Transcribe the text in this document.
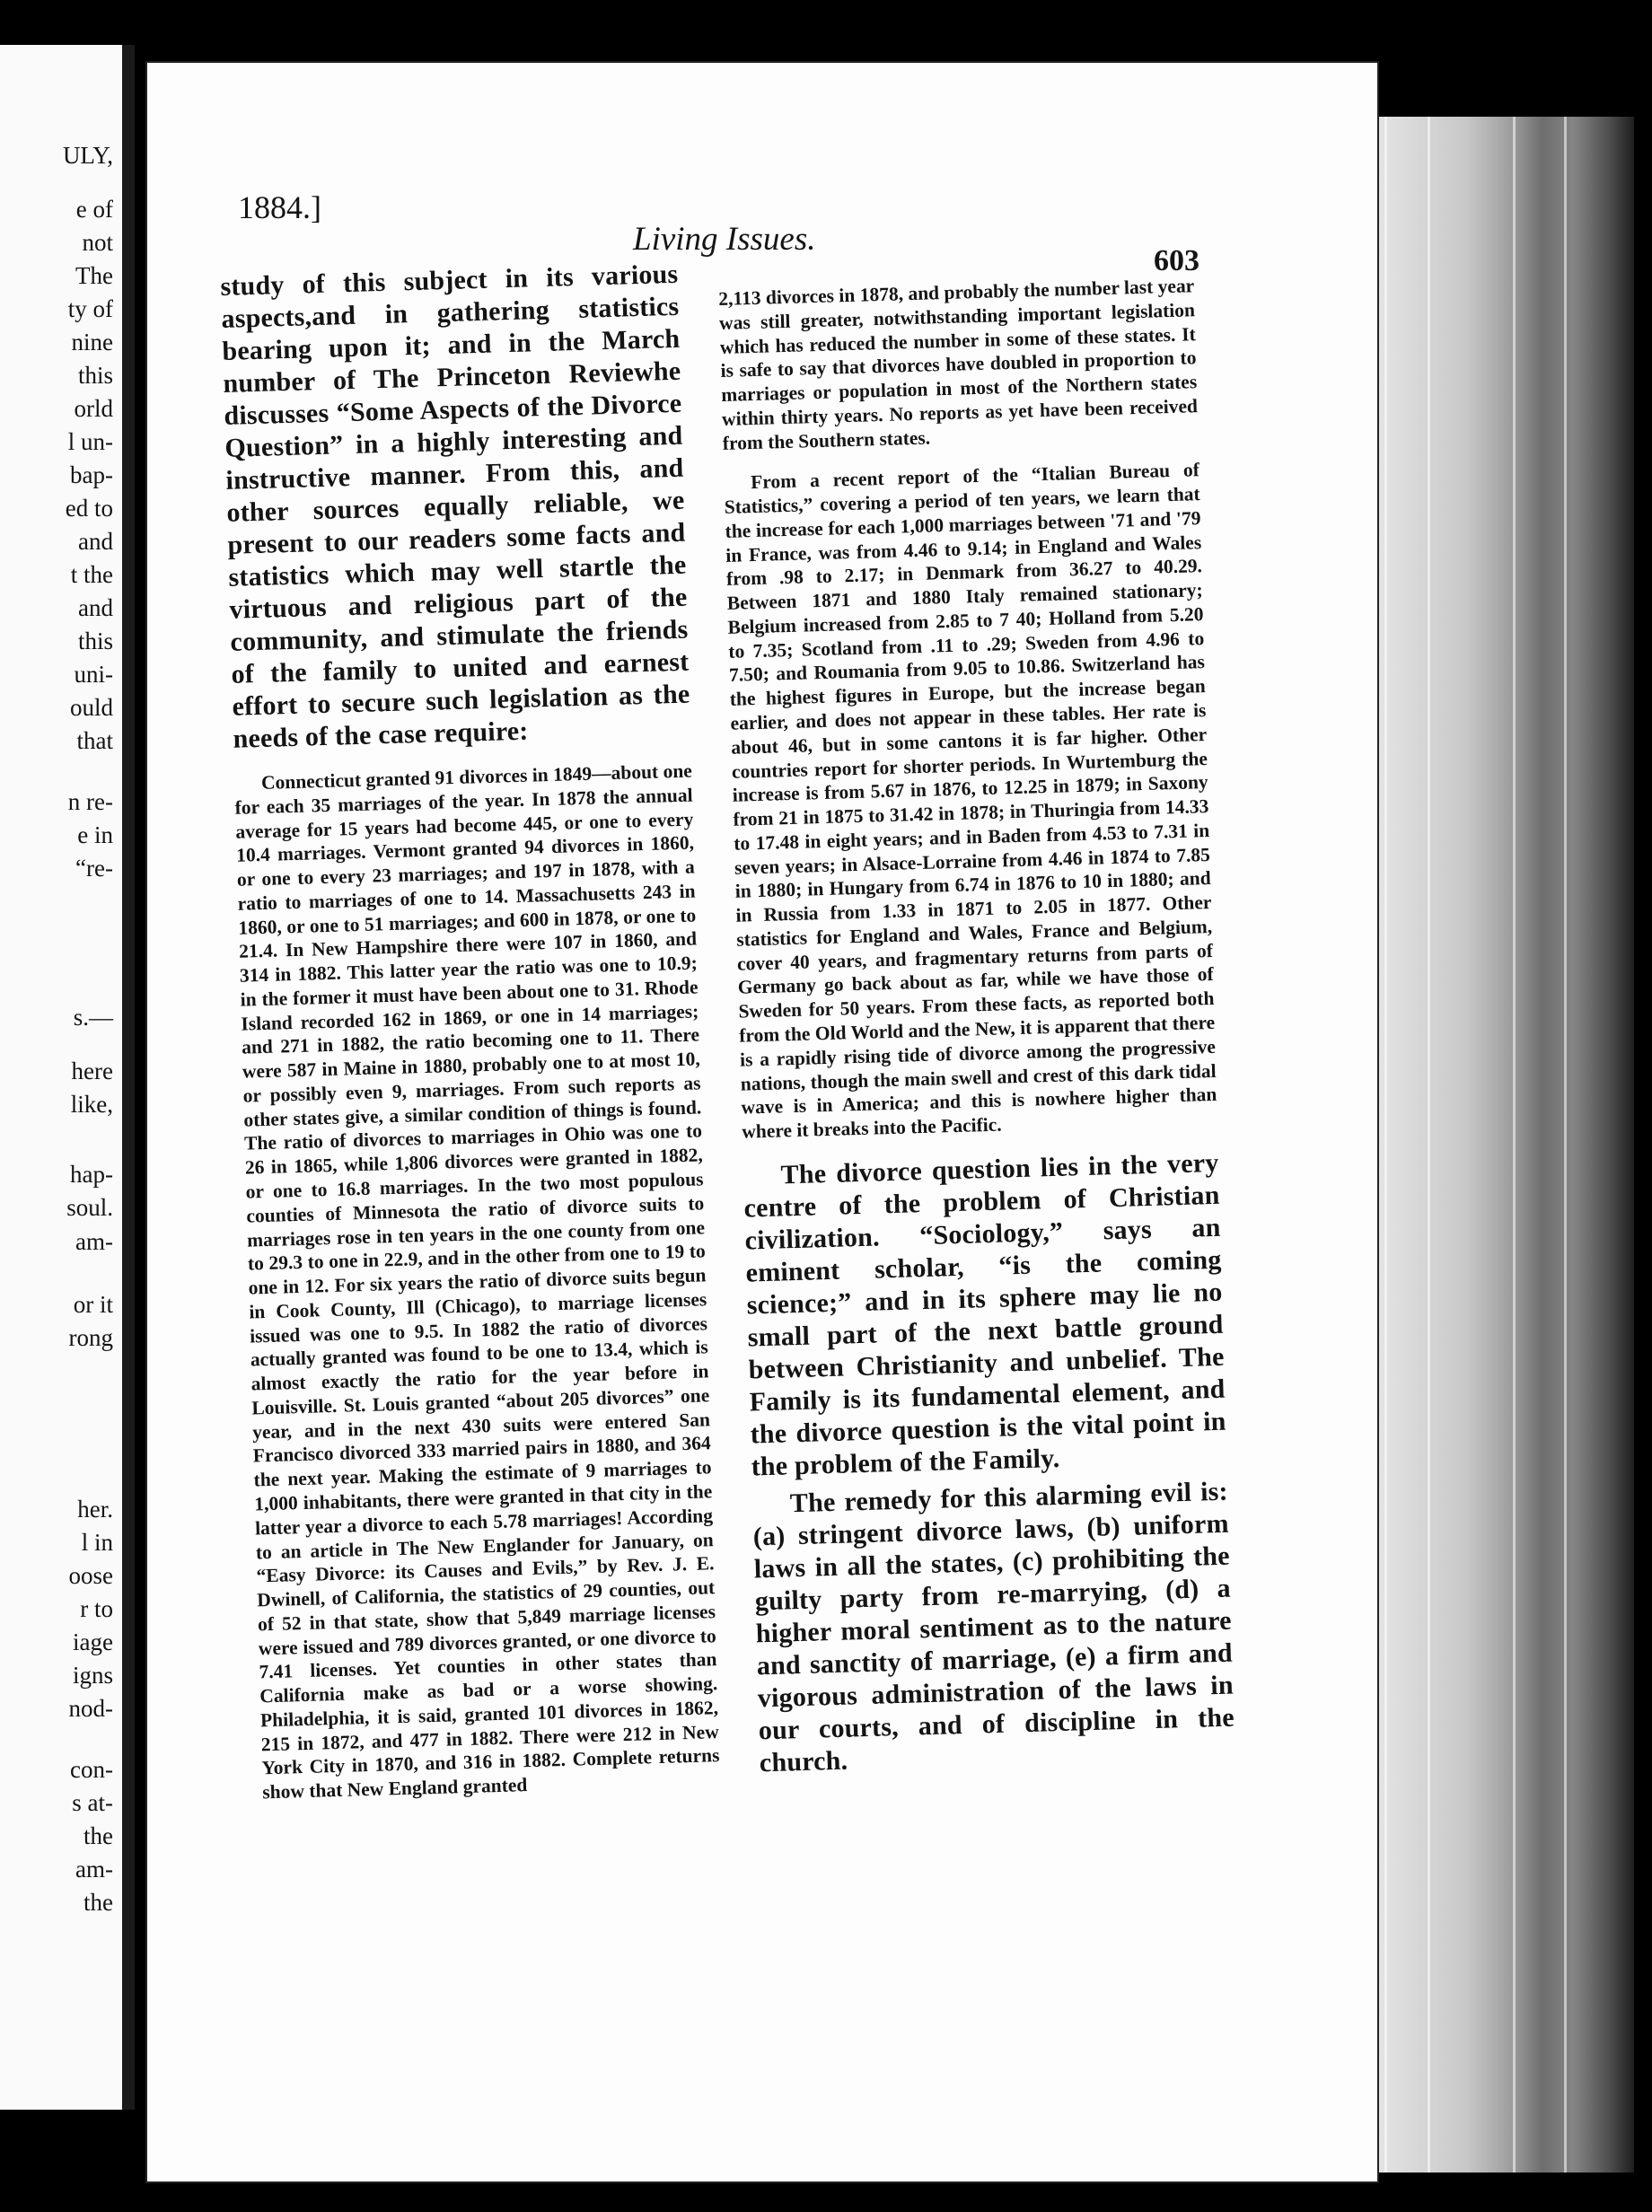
ULY,
e of
not
The
ty of
nine
this
orld
l un-
bap-
ed to
and
t the
and
this
uni-
ould
that
n re-
e in
“re-
s.—
here
like,
hap-
soul.
am-
or it
rong
her.
l in
oose
r to
iage
igns
nod-
con-
s at-
the
am-
the
1884.]
Living Issues.
603

study of this subject in its various aspects,and in gathering statistics bearing upon it; and in the March number of The Princeton Reviewhe discusses “Some Aspects of the Divorce Question” in a highly interesting and instructive manner. From this, and other sources equally reliable, we present to our readers some facts and statistics which may well startle the virtuous and religious part of the community, and stimulate the friends of the family to united and earnest effort to secure such legislation as the needs of the case require:

Connecticut granted 91 divorces in 1849—about one for each 35 marriages of the year. In 1878 the annual average for 15 years had become 445, or one to every 10.4 marriages. Vermont granted 94 divorces in 1860, or one to every 23 marriages; and 197 in 1878, with a ratio to marriages of one to 14. Massachusetts 243 in 1860, or one to 51 marriages; and 600 in 1878, or one to 21.4. In New Hampshire there were 107 in 1860, and 314 in 1882. This latter year the ratio was one to 10.9; in the former it must have been about one to 31. Rhode Island recorded 162 in 1869, or one in 14 marriages; and 271 in 1882, the ratio becoming one to 11. There were 587 in Maine in 1880, probably one to at most 10, or possibly even 9, marriages. From such reports as other states give, a similar condition of things is found. The ratio of divorces to marriages in Ohio was one to 26 in 1865, while 1,806 divorces were granted in 1882, or one to 16.8 marriages. In the two most populous counties of Minnesota the ratio of divorce suits to marriages rose in ten years in the one county from one to 29.3 to one in 22.9, and in the other from one to 19 to one in 12. For six years the ratio of divorce suits begun in Cook County, Ill (Chicago), to marriage licenses issued was one to 9.5. In 1882 the ratio of divorces actually granted was found to be one to 13.4, which is almost exactly the ratio for the year before in Louisville. St. Louis granted “about 205 divorces” one year, and in the next 430 suits were entered San Francisco divorced 333 married pairs in 1880, and 364 the next year. Making the estimate of 9 marriages to 1,000 inhabitants, there were granted in that city in the latter year a divorce to each 5.78 marriages! According to an article in The New Englander for January, on “Easy Divorce: its Causes and Evils,” by Rev. J. E. Dwinell, of California, the statistics of 29 counties, out of 52 in that state, show that 5,849 marriage licenses were issued and 789 divorces granted, or one divorce to 7.41 licenses. Yet counties in other states than California make as bad or a worse showing. Philadelphia, it is said, granted 101 divorces in 1862, 215 in 1872, and 477 in 1882. There were 212 in New York City in 1870, and 316 in 1882. Complete returns show that New England granted

2,113 divorces in 1878, and probably the number last year was still greater, notwithstanding important legislation which has reduced the number in some of these states. It is safe to say that divorces have doubled in proportion to marriages or population in most of the Northern states within thirty years. No reports as yet have been received from the Southern states.

From a recent report of the “Italian Bureau of Statistics,” covering a period of ten years, we learn that the increase for each 1,000 marriages between '71 and '79 in France, was from 4.46 to 9.14; in England and Wales from .98 to 2.17; in Denmark from 36.27 to 40.29. Between 1871 and 1880 Italy remained stationary; Belgium increased from 2.85 to 7 40; Holland from 5.20 to 7.35; Scotland from .11 to .29; Sweden from 4.96 to 7.50; and Roumania from 9.05 to 10.86. Switzerland has the highest figures in Europe, but the increase began earlier, and does not appear in these tables. Her rate is about 46, but in some cantons it is far higher. Other countries report for shorter periods. In Wurtemburg the increase is from 5.67 in 1876, to 12.25 in 1879; in Saxony from 21 in 1875 to 31.42 in 1878; in Thuringia from 14.33 to 17.48 in eight years; and in Baden from 4.53 to 7.31 in seven years; in Alsace-Lorraine from 4.46 in 1874 to 7.85 in 1880; in Hungary from 6.74 in 1876 to 10 in 1880; and in Russia from 1.33 in 1871 to 2.05 in 1877. Other statistics for England and Wales, France and Belgium, cover 40 years, and fragmentary returns from parts of Germany go back about as far, while we have those of Sweden for 50 years. From these facts, as reported both from the Old World and the New, it is apparent that there is a rapidly rising tide of divorce among the progressive nations, though the main swell and crest of this dark tidal wave is in America; and this is nowhere higher than where it breaks into the Pacific.

The divorce question lies in the very centre of the problem of Christian civilization. “Sociology,” says an eminent scholar, “is the coming science;” and in its sphere may lie no small part of the next battle ground between Christianity and unbelief. The Family is its fundamental element, and the divorce question is the vital point in the problem of the Family.

The remedy for this alarming evil is: (a) stringent divorce laws, (b) uniform laws in all the states, (c) prohibiting the guilty party from re-marrying, (d) a higher moral sentiment as to the nature and sanctity of marriage, (e) a firm and vigorous administration of the laws in our courts, and of discipline in the church.
